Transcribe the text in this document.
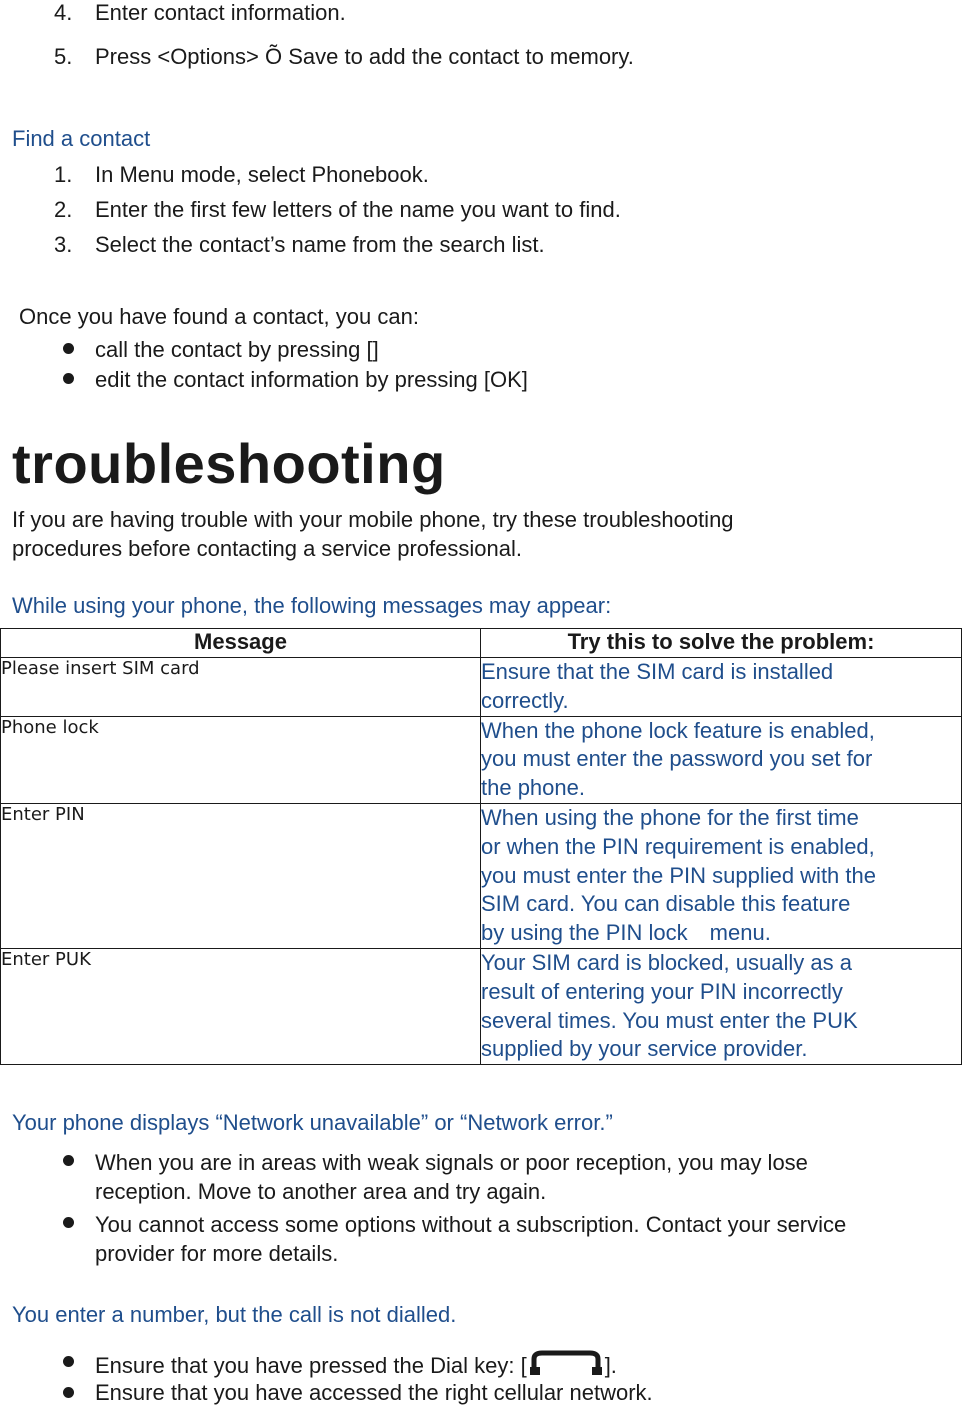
4. Enter contact information.
5. Press <Options> Õ Save to add the contact to memory.
Find a contact
1. In Menu mode, select Phonebook.
2. Enter the first few letters of the name you want to find.
3. Select the contact’s name from the search list.
Once you have found a contact, you can:
call the contact by pressing []
edit the contact information by pressing [OK]
troubleshooting
If you are having trouble with your mobile phone, try these troubleshooting
procedures before contacting a service professional.
While using your phone, the following messages may appear:
Message	Try this to solve the problem:
Please insert SIM card	Ensure that the SIM card is installed
correctly.

Phone lock	When the phone lock feature is enabled,
you must enter the password you set for
the phone.

Enter PIN	When using the phone for the first time
or when the PIN requirement is enabled,
you must enter the PIN supplied with the
SIM card. You can disable this feature
by using the PIN lock　menu.

Enter PUK	Your SIM card is blocked, usually as a
result of entering your PIN incorrectly
several times. You must enter the PUK
supplied by your service provider.
Your phone displays “Network unavailable” or “Network error.”
When you are in areas with weak signals or poor reception, you may lose
reception. Move to another area and try again.
You cannot access some options without a subscription. Contact your service
provider for more details.
You enter a number, but the call is not dialled.
Ensure that you have pressed the Dial key: [	].
Ensure that you have accessed the right cellular network.
